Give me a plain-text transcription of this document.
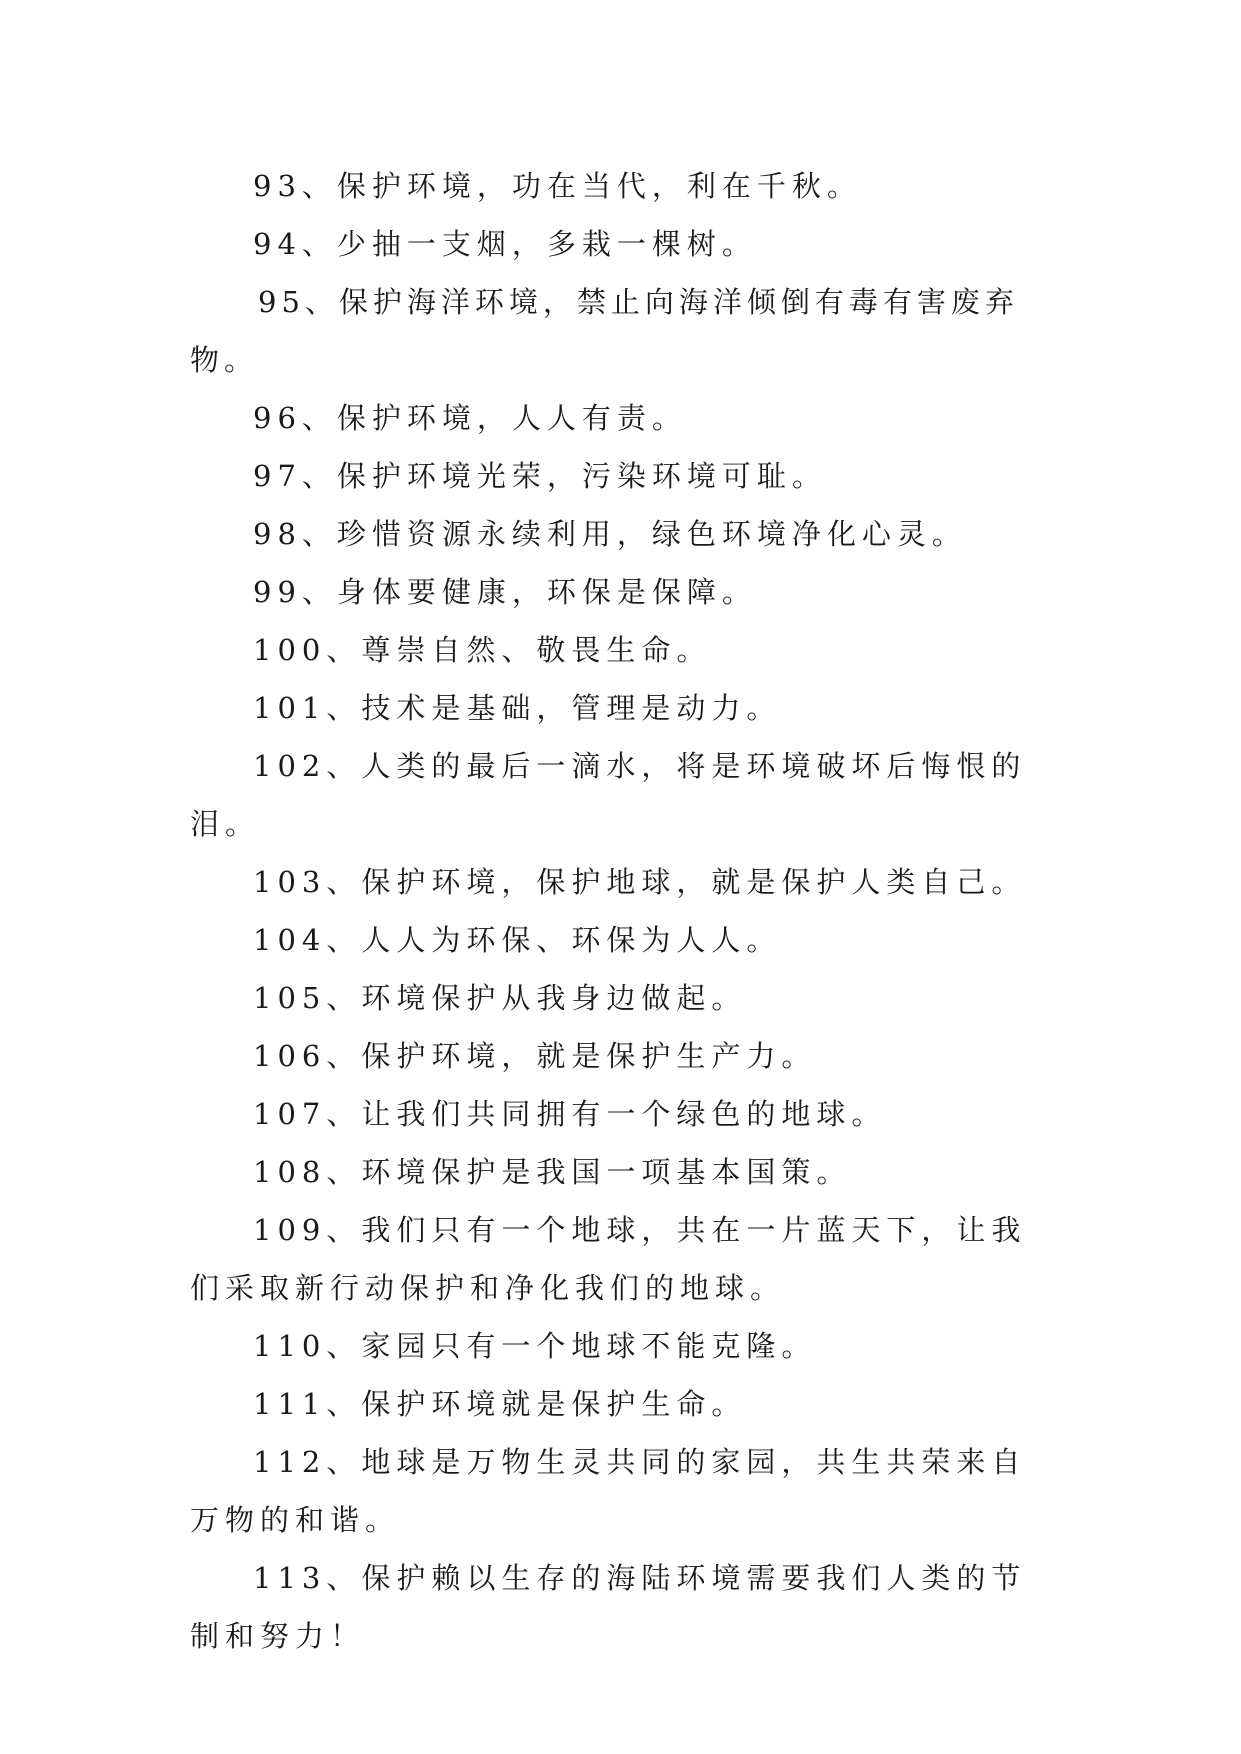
93、保护环境，功在当代，利在千秋。

94、少抽一支烟，多栽一棵树。

95、保护海洋环境，禁止向海洋倾倒有毒有害废弃物。

96、保护环境，人人有责。

97、保护环境光荣，污染环境可耻。

98、珍惜资源永续利用，绿色环境净化心灵。

99、身体要健康，环保是保障。

100、尊崇自然、敬畏生命。

101、技术是基础，管理是动力。

102、人类的最后一滴水，将是环境破坏后悔恨的泪。

103、保护环境，保护地球，就是保护人类自己。

104、人人为环保、环保为人人。

105、环境保护从我身边做起。

106、保护环境，就是保护生产力。

107、让我们共同拥有一个绿色的地球。

108、环境保护是我国一项基本国策。

109、我们只有一个地球，共在一片蓝天下，让我们采取新行动保护和净化我们的地球。

110、家园只有一个地球不能克隆。

111、保护环境就是保护生命。

112、地球是万物生灵共同的家园，共生共荣来自万物的和谐。

113、保护赖以生存的海陆环境需要我们人类的节制和努力！
